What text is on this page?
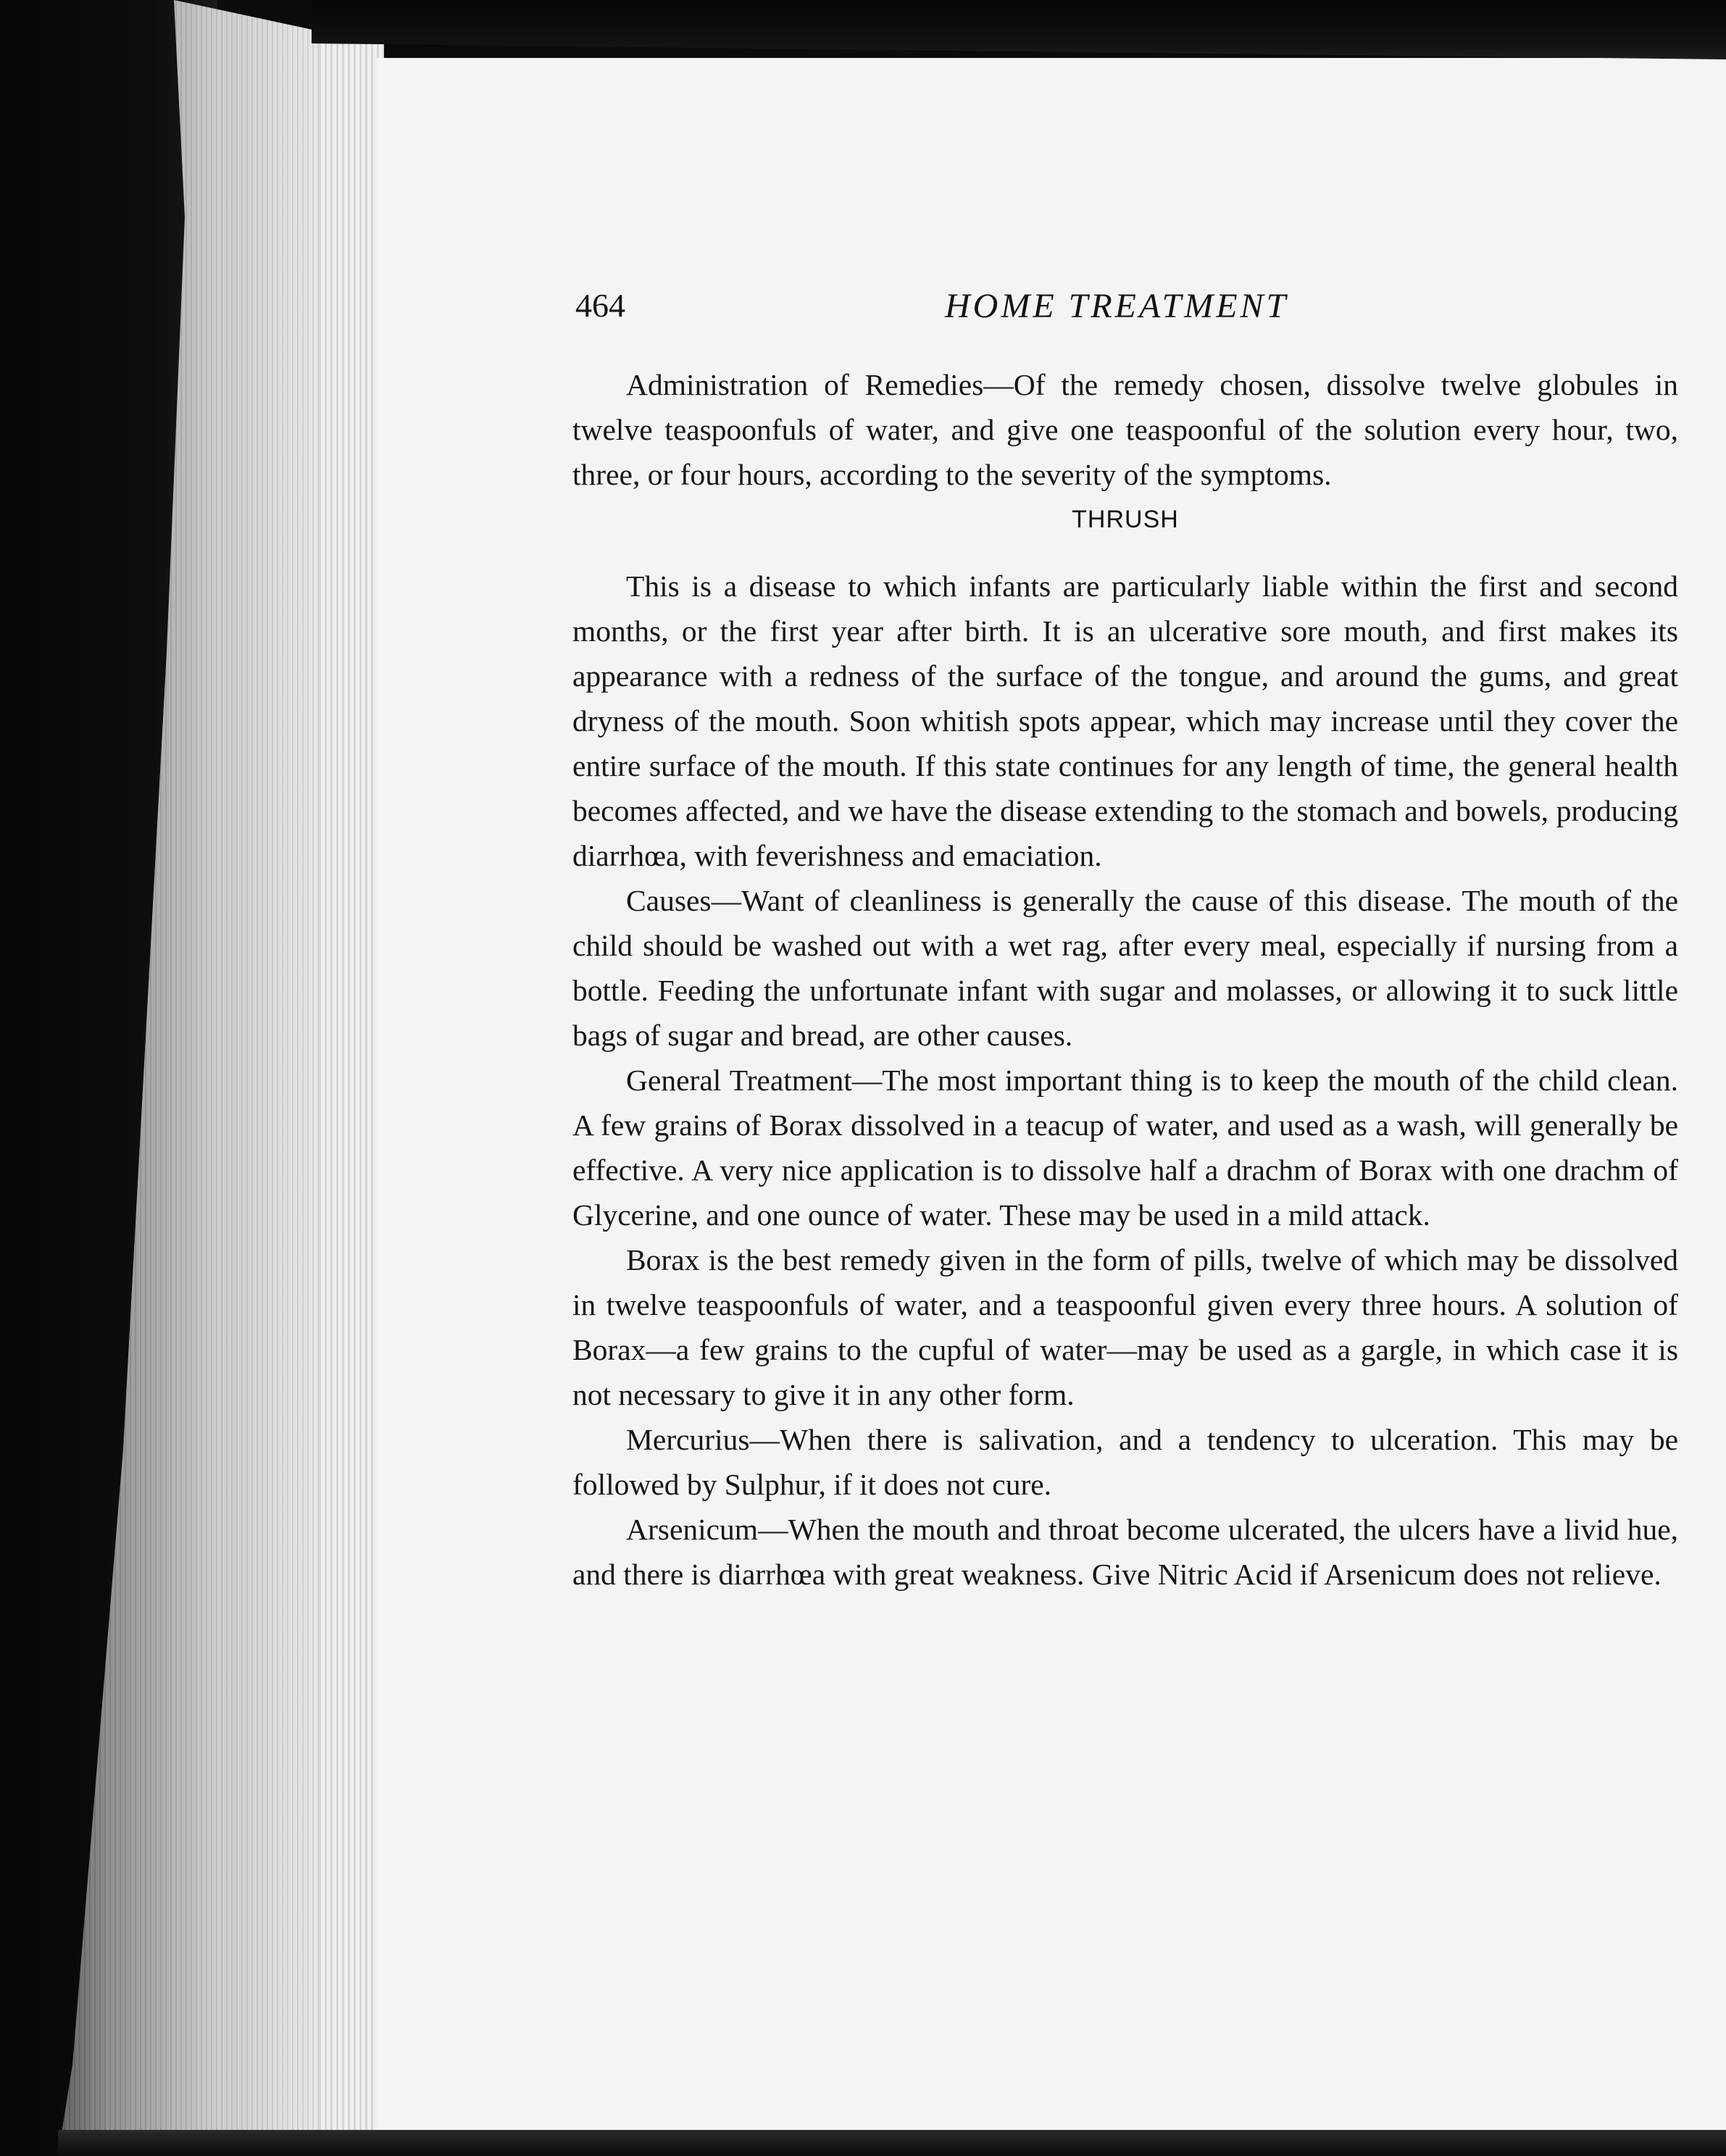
464	HOME TREATMENT

Administration of Remedies—Of the remedy chosen, dissolve twelve globules in twelve teaspoonfuls of water, and give one teaspoonful of the solution every hour, two, three, or four hours, according to the severity of the symptoms.

THRUSH

This is a disease to which infants are particularly liable within the first and second months, or the first year after birth. It is an ulcerative sore mouth, and first makes its appearance with a redness of the surface of the tongue, and around the gums, and great dryness of the mouth. Soon whitish spots appear, which may increase until they cover the entire surface of the mouth. If this state continues for any length of time, the general health becomes affected, and we have the disease extending to the stomach and bowels, producing diarrhœa, with feverishness and emaciation.

Causes—Want of cleanliness is generally the cause of this disease. The mouth of the child should be washed out with a wet rag, after every meal, especially if nursing from a bottle. Feeding the unfortunate infant with sugar and molasses, or allowing it to suck little bags of sugar and bread, are other causes.

General Treatment—The most important thing is to keep the mouth of the child clean. A few grains of Borax dissolved in a teacup of water, and used as a wash, will generally be effective. A very nice application is to dissolve half a drachm of Borax with one drachm of Glycerine, and one ounce of water. These may be used in a mild attack.

Borax is the best remedy given in the form of pills, twelve of which may be dissolved in twelve teaspoonfuls of water, and a teaspoonful given every three hours. A solution of Borax—a few grains to the cupful of water—may be used as a gargle, in which case it is not necessary to give it in any other form.

Mercurius—When there is salivation, and a tendency to ulceration. This may be followed by Sulphur, if it does not cure.

Arsenicum—When the mouth and throat become ulcerated, the ulcers have a livid hue, and there is diarrhœa with great weakness. Give Nitric Acid if Arsenicum does not relieve.
